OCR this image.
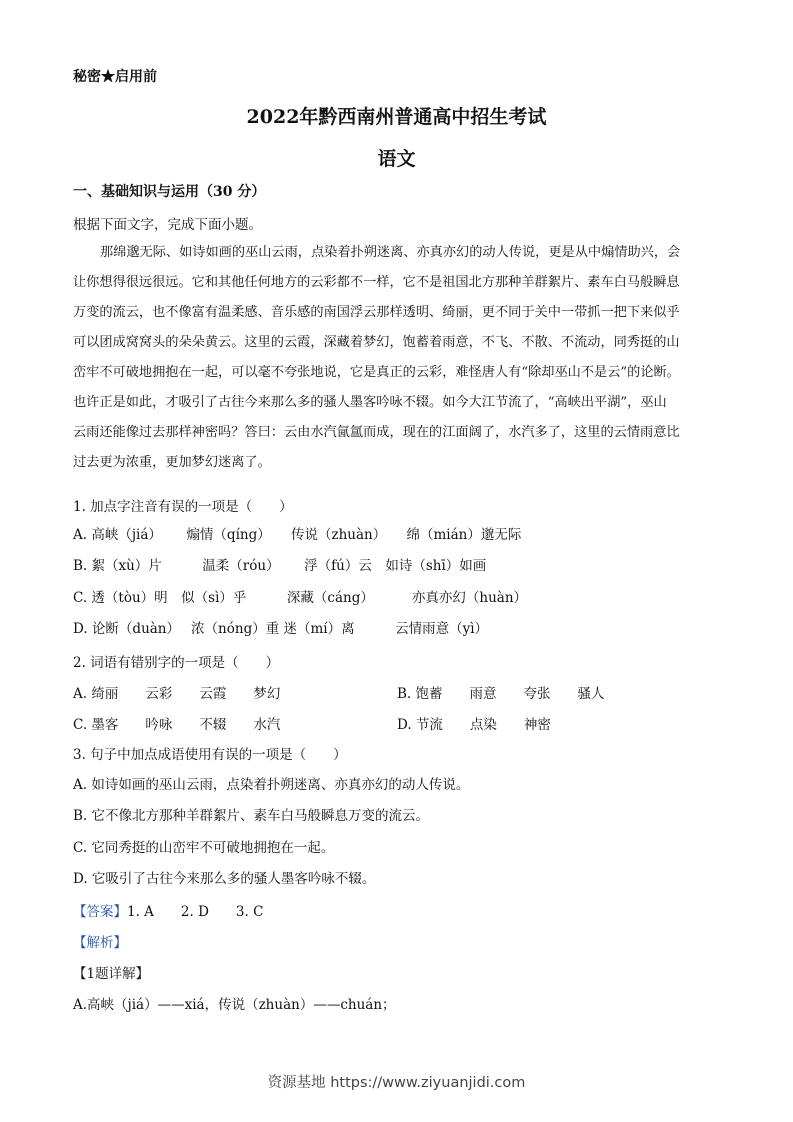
秘密★启用前
2022年黔西南州普通高中招生考试
语文
一、基础知识与运用（30 分）
根据下面文字，完成下面小题。
那绵邈无际、如诗如画的巫山云雨，点染着扑朔迷离、亦真亦幻的动人传说，更是从中煽情助兴，会
让你想得很远很远。它和其他任何地方的云彩都不一样，它不是祖国北方那种羊群絮片、素车白马般瞬息
万变的流云，也不像富有温柔感、音乐感的南国浮云那样透明、绮丽，更不同于关中一带抓一把下来似乎
可以团成窝窝头的朵朵黄云。这里的云霞，深藏着梦幻，饱蓄着雨意，不飞、不散、不流动，同秀挺的山
峦牢不可破地拥抱在一起，可以毫不夸张地说，它是真正的云彩，难怪唐人有“除却巫山不是云”的论断。
也许正是如此，才吸引了古往今来那么多的骚人墨客吟咏不辍。如今大江节流了，“高峡出平湖”，巫山
云雨还能像过去那样神密吗？答曰：云由水汽氤氲而成，现在的江面阔了，水汽多了，这里的云情雨意比
过去更为浓重，更加梦幻迷离了。
1. 加点字注音有误的一项是（　　）
A. 高峡（jiá）　　 煽情（qíng）　　传说（zhuàn）　　绵（mián）邈无际
B. 絮（xù）片　　　温柔（róu）　　 浮（fú）云　如诗（shī）如画
C. 透（tòu）明　似（sì）乎　　　深藏（cáng）　　　 亦真亦幻（huàn）
D. 论断（duàn）　 浓（nóng）重 迷（mí）离　　　云情雨意（yì）
2. 词语有错别字的一项是（　　）
A. 绮丽　　云彩　　云霞　　梦幻	B. 饱蓄　　雨意　　夸张　　骚人
C. 墨客　　吟咏　　不辍　　水汽	D. 节流　　点染　　神密
3. 句子中加点成语使用有误的一项是（　　）
A. 如诗如画的巫山云雨，点染着扑朔迷离、亦真亦幻的动人传说。
B. 它不像北方那种羊群絮片、素车白马般瞬息万变的流云。
C. 它同秀挺的山峦牢不可破地拥抱在一起。
D. 它吸引了古往今来那么多的骚人墨客吟咏不辍。
【答案】1. A　　2. D　　3. C
【解析】
【1题详解】
A.高峡（jiá）——xiá，传说（zhuàn）——chuán；
资源基地 https://www.ziyuanjidi.com
